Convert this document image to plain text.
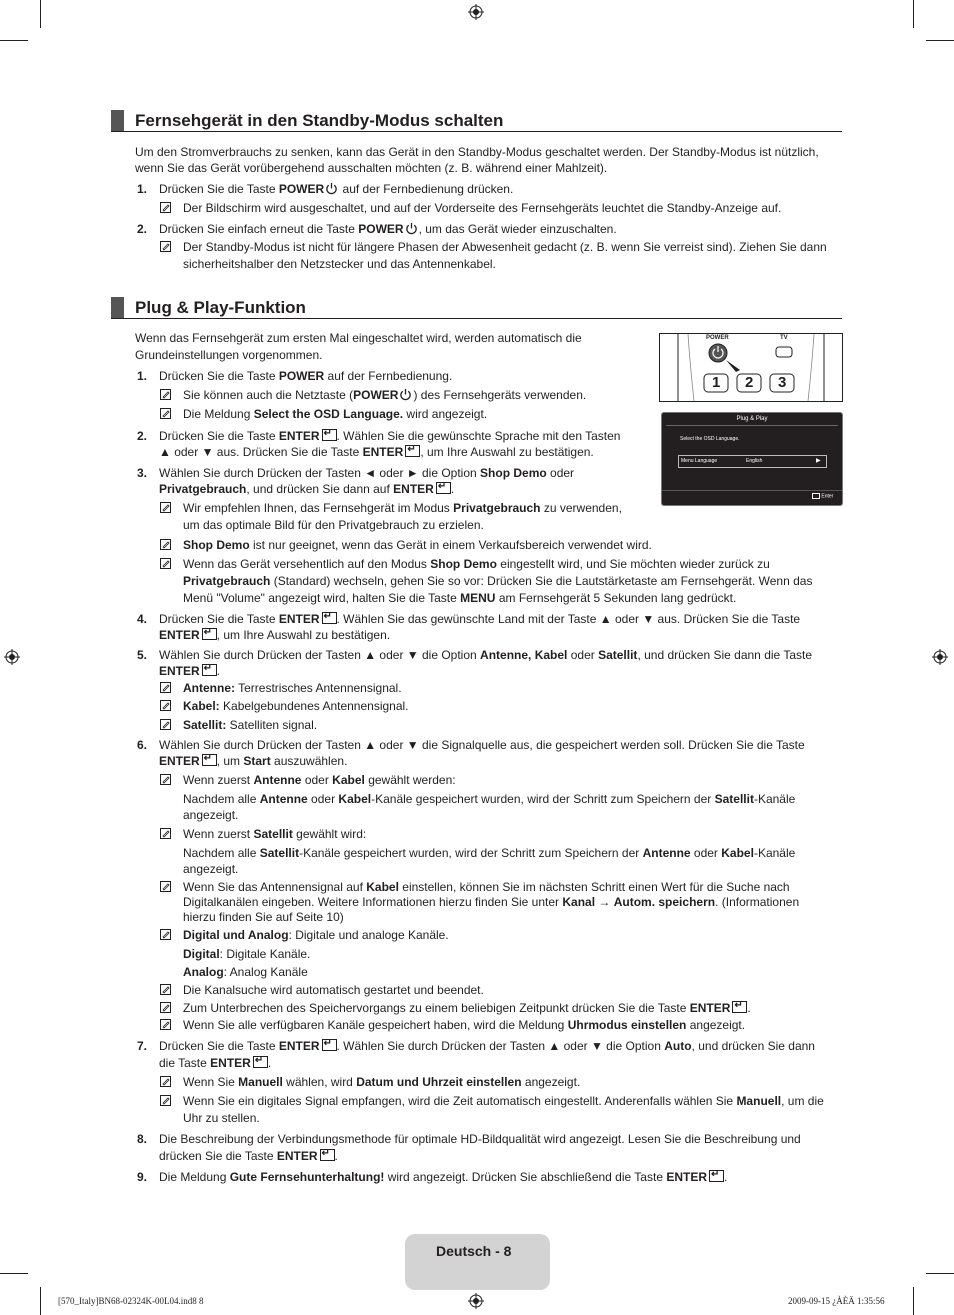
Fernsehgerät in den Standby-Modus schalten
Um den Stromverbrauchs zu senken, kann das Gerät in den Standby-Modus geschaltet werden. Der Standby-Modus ist nützlich,
wenn Sie das Gerät vorübergehend ausschalten möchten (z. B. während einer Mahlzeit).
1. Drücken Sie die Taste POWER auf der Fernbedienung drücken.
Der Bildschirm wird ausgeschaltet, und auf der Vorderseite des Fernsehgeräts leuchtet die Standby-Anzeige auf.
2. Drücken Sie einfach erneut die Taste POWER , um das Gerät wieder einzuschalten.
Der Standby-Modus ist nicht für längere Phasen der Abwesenheit gedacht (z. B. wenn Sie verreist sind). Ziehen Sie dann
sicherheitshalber den Netzstecker und das Antennenkabel.
Plug & Play-Funktion
Wenn das Fernsehgerät zum ersten Mal eingeschaltet wird, werden automatisch die
Grundeinstellungen vorgenommen.
POWER	TV
1 2 3
Plug & Play
Select the OSD Language.
Menu Language	English	▶
Enter
1. Drücken Sie die Taste POWER auf der Fernbedienung.
Sie können auch die Netztaste (POWER ) des Fernsehgeräts verwenden.
Die Meldung Select the OSD Language. wird angezeigt.
2. Drücken Sie die Taste ENTER ↵ . Wählen Sie die gewünschte Sprache mit den Tasten
▲ oder ▼ aus. Drücken Sie die Taste ENTER ↵ , um Ihre Auswahl zu bestätigen.
3. Wählen Sie durch Drücken der Tasten ◄ oder ► die Option Shop Demo oder
Privatgebrauch, und drücken Sie dann auf ENTER ↵ .
Wir empfehlen Ihnen, das Fernsehgerät im Modus Privatgebrauch zu verwenden,
um das optimale Bild für den Privatgebrauch zu erzielen.
Shop Demo ist nur geeignet, wenn das Gerät in einem Verkaufsbereich verwendet wird.
Wenn das Gerät versehentlich auf den Modus Shop Demo eingestellt wird, und Sie möchten wieder zurück zu
Privatgebrauch (Standard) wechseln, gehen Sie so vor: Drücken Sie die Lautstärketaste am Fernsehgerät. Wenn das
Menü "Volume" angezeigt wird, halten Sie die Taste MENU am Fernsehgerät 5 Sekunden lang gedrückt.
4. Drücken Sie die Taste ENTER ↵ . Wählen Sie das gewünschte Land mit der Taste ▲ oder ▼ aus. Drücken Sie die Taste
ENTER ↵ , um Ihre Auswahl zu bestätigen.
5. Wählen Sie durch Drücken der Tasten ▲ oder ▼ die Option Antenne, Kabel oder Satellit, und drücken Sie dann die Taste
ENTER ↵ .
Antenne: Terrestrisches Antennensignal.
Kabel: Kabelgebundenes Antennensignal.
Satellit: Satelliten signal.
6. Wählen Sie durch Drücken der Tasten ▲ oder ▼ die Signalquelle aus, die gespeichert werden soll. Drücken Sie die Taste
ENTER ↵ , um Start auszuwählen.
Wenn zuerst Antenne oder Kabel gewählt werden:
Nachdem alle Antenne oder Kabel-Kanäle gespeichert wurden, wird der Schritt zum Speichern der Satellit-Kanäle
angezeigt.
Wenn zuerst Satellit gewählt wird:
Nachdem alle Satellit-Kanäle gespeichert wurden, wird der Schritt zum Speichern der Antenne oder Kabel-Kanäle
angezeigt.
Wenn Sie das Antennensignal auf Kabel einstellen, können Sie im nächsten Schritt einen Wert für die Suche nach
Digitalkanälen eingeben. Weitere Informationen hierzu finden Sie unter Kanal → Autom. speichern. (Informationen
hierzu finden Sie auf Seite 10)
Digital und Analog: Digitale und analoge Kanäle.
Digital: Digitale Kanäle.
Analog: Analog Kanäle
Die Kanalsuche wird automatisch gestartet und beendet.
Zum Unterbrechen des Speichervorgangs zu einem beliebigen Zeitpunkt drücken Sie die Taste ENTER ↵ .
Wenn Sie alle verfügbaren Kanäle gespeichert haben, wird die Meldung Uhrmodus einstellen angezeigt.
7. Drücken Sie die Taste ENTER ↵ . Wählen Sie durch Drücken der Tasten ▲ oder ▼ die Option Auto, und drücken Sie dann
die Taste ENTER ↵ .
Wenn Sie Manuell wählen, wird Datum und Uhrzeit einstellen angezeigt.
Wenn Sie ein digitales Signal empfangen, wird die Zeit automatisch eingestellt. Anderenfalls wählen Sie Manuell, um die
Uhr zu stellen.
8. Die Beschreibung der Verbindungsmethode für optimale HD-Bildqualität wird angezeigt. Lesen Sie die Beschreibung und
drücken Sie die Taste ENTER ↵ .
9. Die Meldung Gute Fernsehunterhaltung! wird angezeigt. Drücken Sie abschließend die Taste ENTER ↵ .
Deutsch - 8
[570_Italy]BN68-02324K-00L04.ind8 8	2009-09-15 ¿ÀÈÄ 1:35:56
